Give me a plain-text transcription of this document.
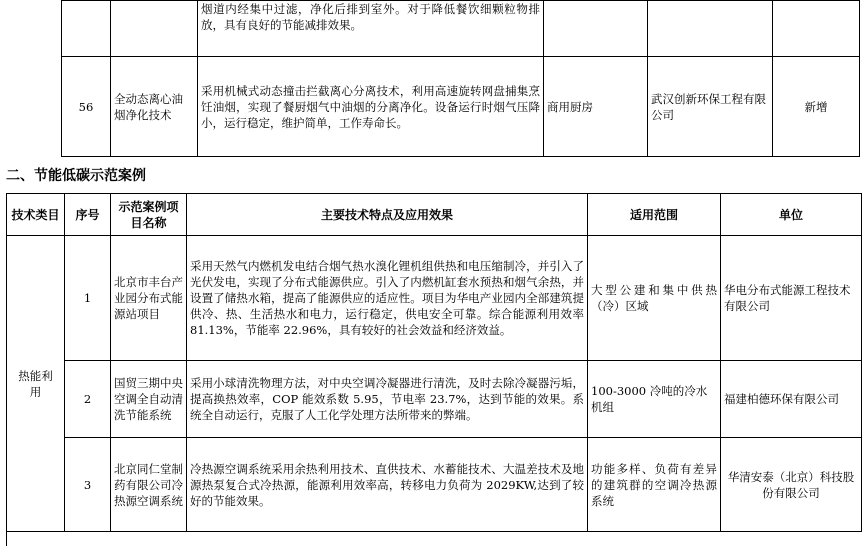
		烟道内经集中过滤，净化后排到室外。对于降低餐饮细颗粒物排放，具有良好的节能减排效果。			
56	全动态离心油烟净化技术	采用机械式动态撞击拦截离心分离技术，利用高速旋转网盘捕集烹饪油烟，实现了餐厨烟气中油烟的分离净化。设备运行时烟气压降小，运行稳定，维护简单，工作寿命长。	商用厨房	武汉创新环保工程有限公司	新增
二、节能低碳示范案例
技术类目	序号	示范案例项目名称	主要技术特点及应用效果	适用范围	单位
热能利用	1	北京市丰台产业园分布式能源站项目	采用天然气内燃机发电结合烟气热水溴化锂机组供热和电压缩制冷，并引入了光伏发电，实现了分布式能源供应。引入了内燃机缸套水预热和烟气余热，并设置了储热水箱，提高了能源供应的适应性。项目为华电产业园内全部建筑提供冷、热、生活热水和电力，运行稳定，供电安全可靠。综合能源利用效率 81.13%，节能率 22.96%，具有较好的社会效益和经济效益。	大型公建和集中供热（冷）区域	华电分布式能源工程技术有限公司
	2	国贸三期中央空调全自动清洗节能系统	采用小球清洗物理方法，对中央空调冷凝器进行清洗，及时去除冷凝器污垢，提高换热效率，COP 能效系数 5.95，节电率 23.7%，达到节能的效果。系统全自动运行，克服了人工化学处理方法所带来的弊端。	100-3000 冷吨的冷水机组	福建柏德环保有限公司
	3	北京同仁堂制药有限公司冷热源空调系统	冷热源空调系统采用余热利用技术、直供技术、水蓄能技术、大温差技术及地源热泵复合式冷热源，能源利用效率高，转移电力负荷为 2029KW,达到了较好的节能效果。	功能多样、负荷有差异的建筑群的空调冷热源系统	华清安泰（北京）科技股份有限公司
